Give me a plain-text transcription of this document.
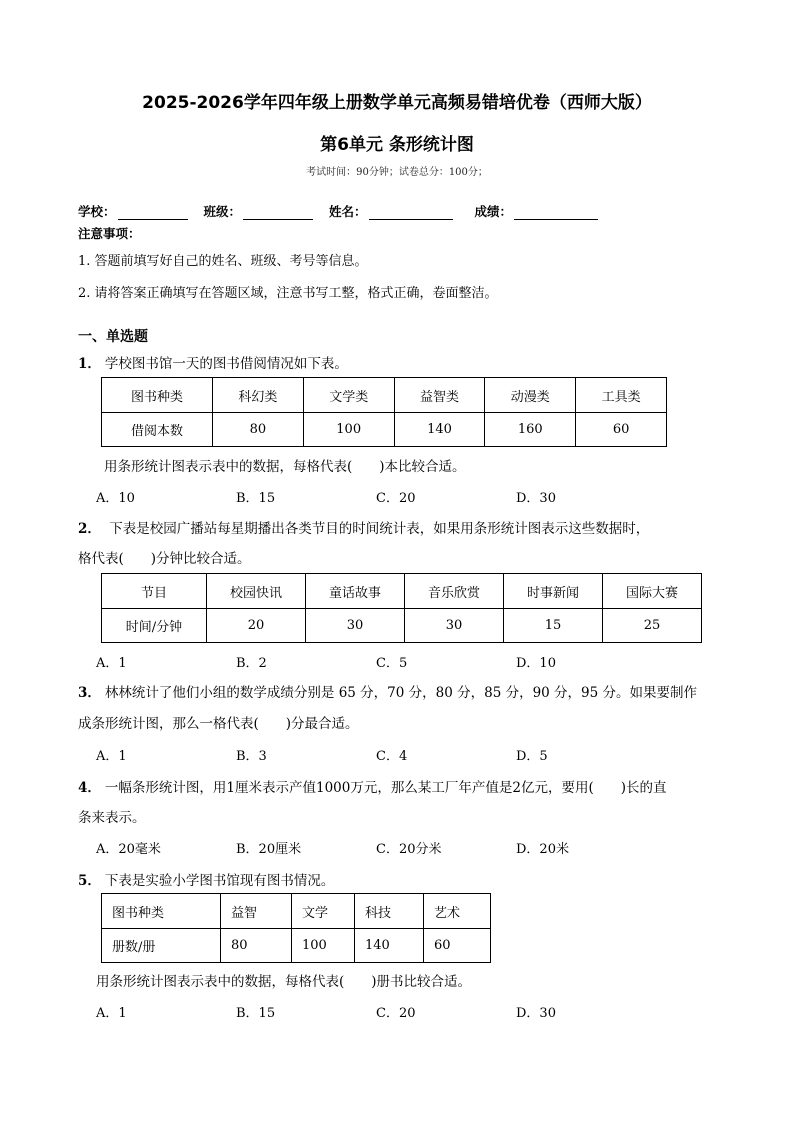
2025-2026学年四年级上册数学单元高频易错培优卷（西师大版）
第6单元 条形统计图
考试时间：90分钟；试卷总分：100分；
学校：	班级：	姓名：	成绩：
注意事项：
1. 答题前填写好自己的姓名、班级、考号等信息。
2. 请将答案正确填写在答题区域，注意书写工整，格式正确，卷面整洁。
一、单选题
1． 学校图书馆一天的图书借阅情况如下表。
图书种类	科幻类	文学类	益智类	动漫类	工具类
借阅本数	80	100	140	160	60
用条形统计图表示表中的数据，每格代表(　　)本比较合适。
A．10	B．15	C．20	D．30
2． 下表是校园广播站每星期播出各类节目的时间统计表，如果用条形统计图表示这些数据时，
格代表(　　)分钟比较合适。
节目	校园快讯	童话故事	音乐欣赏	时事新闻	国际大赛
时间/分钟	20	30	30	15	25
A．1	B．2	C．5	D．10
3． 林林统计了他们小组的数学成绩分别是 65 分，70 分，80 分，85 分，90 分，95 分。如果要制作
成条形统计图，那么一格代表(　　)分最合适。
A．1	B．3	C．4	D．5
4． 一幅条形统计图，用1厘米表示产值1000万元，那么某工厂年产值是2亿元，要用(　　)长的直
条来表示。
A．20毫米	B．20厘米	C．20分米	D．20米
5． 下表是实验小学图书馆现有图书情况。
图书种类	益智	文学	科技	艺术
册数/册	80	100	140	60
用条形统计图表示表中的数据，每格代表(　　)册书比较合适。
A．1	B．15	C．20	D．30
